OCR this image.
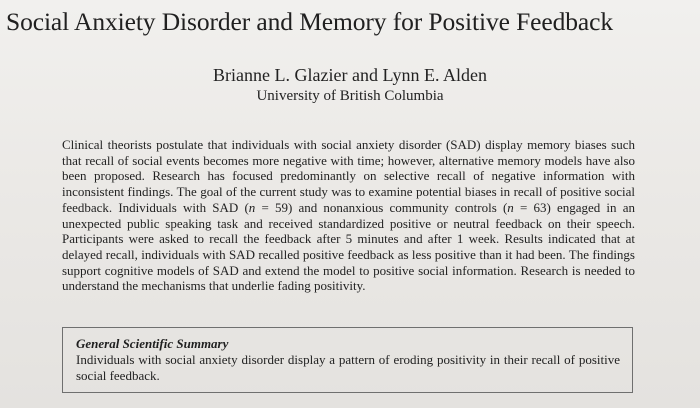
Social Anxiety Disorder and Memory for Positive Feedback
Brianne L. Glazier and Lynn E. Alden
University of British Columbia
Clinical theorists postulate that individuals with social anxiety disorder (SAD) display memory biases such that recall of social events becomes more negative with time; however, alternative memory models have also been proposed. Research has focused predominantly on selective recall of negative information with inconsistent findings. The goal of the current study was to examine potential biases in recall of positive social feedback. Individuals with SAD (n = 59) and nonanxious community controls (n = 63) engaged in an unexpected public speaking task and received standardized positive or neutral feedback on their speech. Participants were asked to recall the feedback after 5 minutes and after 1 week. Results indicated that at delayed recall, individuals with SAD recalled positive feedback as less positive than it had been. The findings support cognitive models of SAD and extend the model to positive social information. Research is needed to understand the mechanisms that underlie fading positivity.
General Scientific Summary
Individuals with social anxiety disorder display a pattern of eroding positivity in their recall of positive social feedback.
